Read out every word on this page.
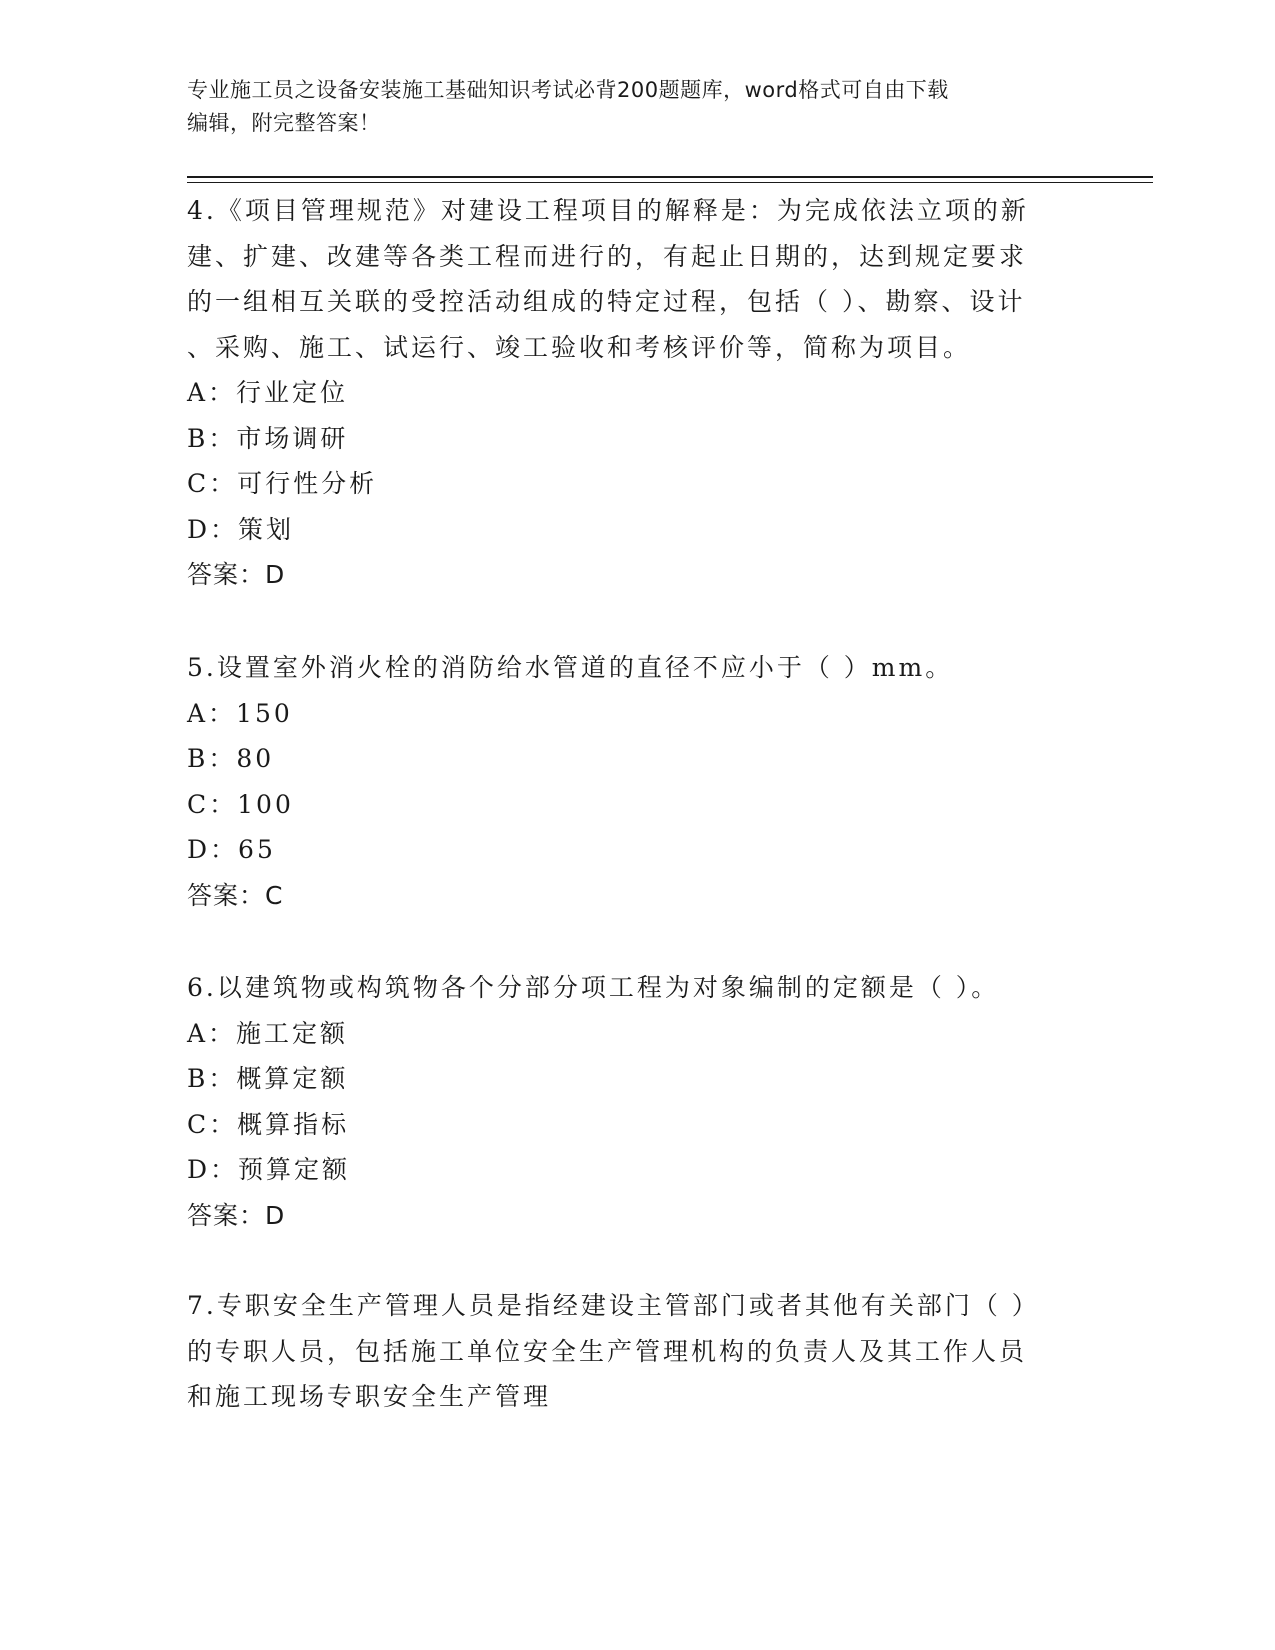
专业施工员之设备安装施工基础知识考试必背200题题库，word格式可自由下载
编辑，附完整答案！
4.《项目管理规范》对建设工程项目的解释是：为完成依法立项的新
建、扩建、改建等各类工程而进行的，有起止日期的，达到规定要求
的一组相互关联的受控活动组成的特定过程，包括（ ）、勘察、设计
、采购、施工、试运行、竣工验收和考核评价等，简称为项目。
A：行业定位
B：市场调研
C：可行性分析
D：策划
答案：D
5.设置室外消火栓的消防给水管道的直径不应小于（ ）mm。
A：150
B：80
C：100
D：65
答案：C
6.以建筑物或构筑物各个分部分项工程为对象编制的定额是（ ）。
A：施工定额
B：概算定额
C：概算指标
D：预算定额
答案：D
7.专职安全生产管理人员是指经建设主管部门或者其他有关部门（ ）
的专职人员，包括施工单位安全生产管理机构的负责人及其工作人员
和施工现场专职安全生产管理
